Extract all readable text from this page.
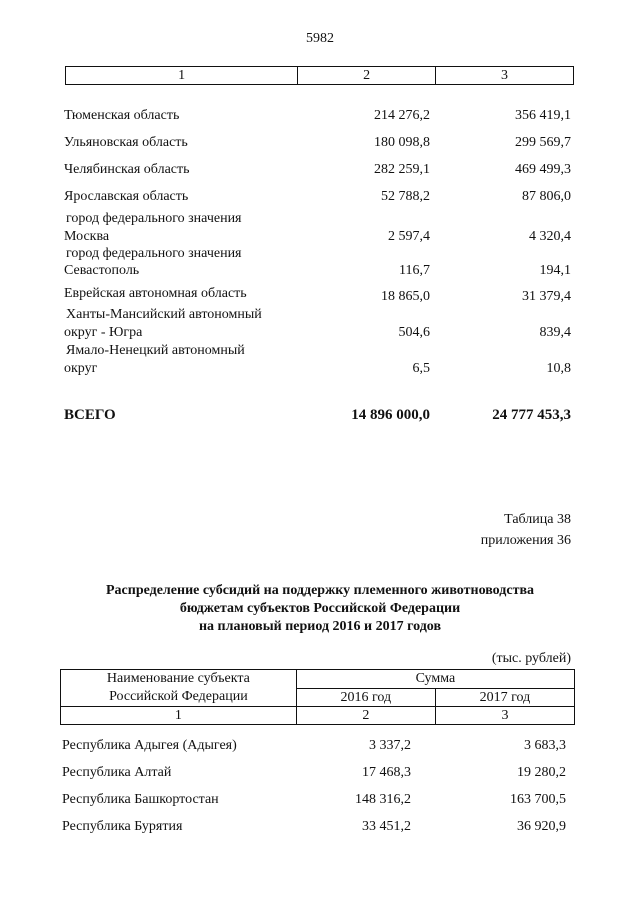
5982
1	2	3
Тюменская область	214 276,2	356 419,1
Ульяновская область	180 098,8	299 569,7
Челябинская область	282 259,1	469 499,3
Ярославская область	52 788,2	87 806,0
город федерального значения
Москва	2 597,4	4 320,4
город федерального значения
Севастополь	116,7	194,1
Еврейская автономная область	18 865,0	31 379,4
Ханты-Мансийский автономный
округ - Югра	504,6	839,4
Ямало-Ненецкий автономный
округ	6,5	10,8
ВСЕГО	14 896 000,0	24 777 453,3
Таблица 38
приложения 36
Распределение субсидий на поддержку племенного животноводства
бюджетам субъектов Российской Федерации
на плановый период 2016 и 2017 годов
(тыс. рублей)
Наименование субъекта
Российской Федерации	Сумма	
	2016 год	2017 год
1	2	3
Республика Адыгея (Адыгея)	3 337,2	3 683,3
Республика Алтай	17 468,3	19 280,2
Республика Башкортостан	148 316,2	163 700,5
Республика Бурятия	33 451,2	36 920,9
